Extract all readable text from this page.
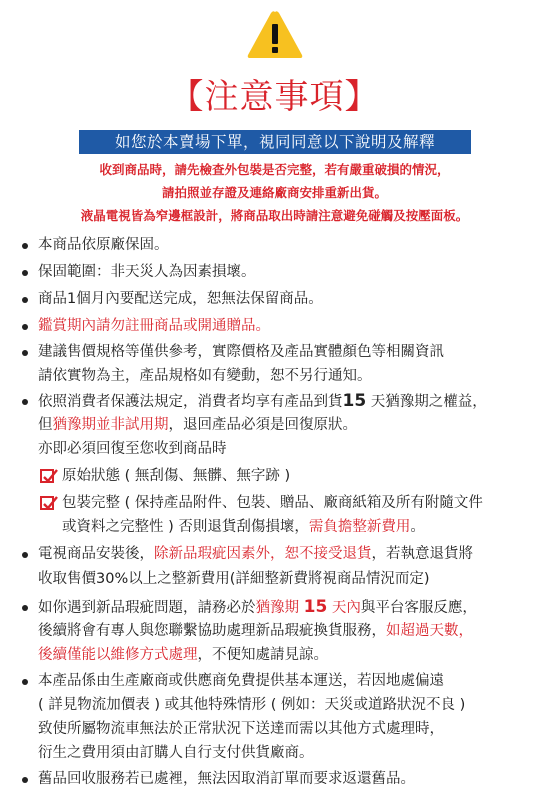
【注意事項】
如您於本賣場下單，視同同意以下說明及解釋
收到商品時，請先檢查外包裝是否完整，若有嚴重破損的情況，
請拍照並存證及連絡廠商安排重新出貨。
液晶電視皆為窄邊框設計，將商品取出時請注意避免碰觸及按壓面板。
本商品依原廠保固。
保固範圍：非天災人為因素損壞。
商品1個月內要配送完成，恕無法保留商品。
鑑賞期內請勿註冊商品或開通贈品。
建議售價規格等僅供參考，實際價格及產品實體顏色等相關資訊
請依實物為主，產品規格如有變動，恕不另行通知。
依照消費者保護法規定，消費者均享有產品到貨15 天猶豫期之權益，
但猶豫期並非試用期，退回產品必須是回復原狀。
亦即必須回復至您收到商品時
原始狀態 ( 無刮傷、無髒、無字跡 )
包裝完整 ( 保持產品附件、包裝、贈品、廠商紙箱及所有附隨文件
或資料之完整性 ) 否則退貨刮傷損壞，需負擔整新費用。
電視商品安裝後，除新品瑕疵因素外，恕不接受退貨，若執意退貨將
收取售價30%以上之整新費用(詳細整新費將視商品情況而定)
如你遇到新品瑕疵問題，請務必於猶豫期 15 天內與平台客服反應，
後續將會有專人與您聯繫協助處理新品瑕疵換貨服務，如超過天數，
後續僅能以維修方式處理，不便知處請見諒。
本產品係由生產廠商或供應商免費提供基本運送，若因地處偏遠
( 詳見物流加價表 ) 或其他特殊情形 ( 例如：天災或道路狀況不良 )
致使所屬物流車無法於正常狀況下送達而需以其他方式處理時，
衍生之費用須由訂購人自行支付供貨廠商。
舊品回收服務若已處裡，無法因取消訂單而要求返還舊品。
